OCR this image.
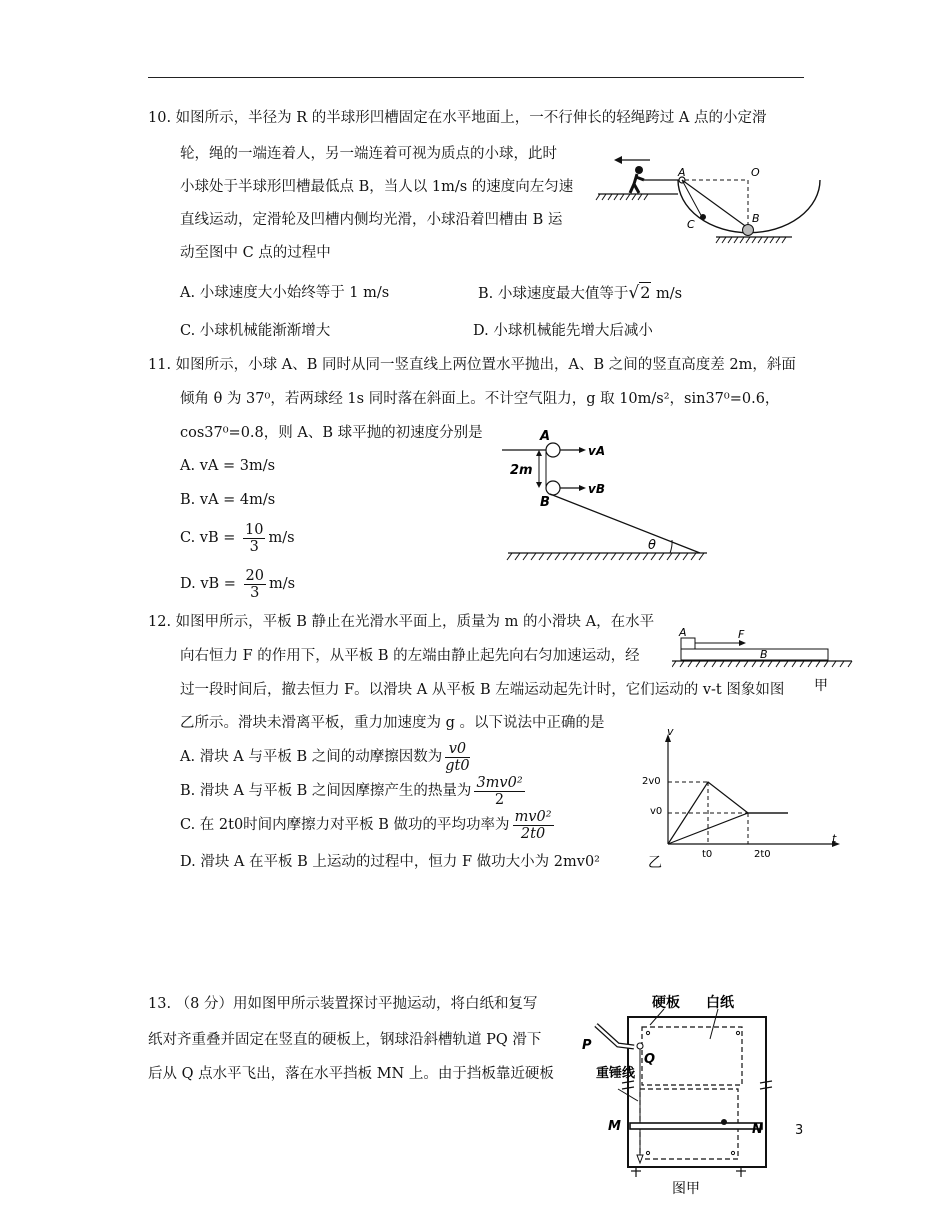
10. 如图所示，半径为 R 的半球形凹槽固定在水平地面上，一不行伸长的轻绳跨过 A 点的小定滑
轮，绳的一端连着人，另一端连着可视为质点的小球，此时
小球处于半球形凹槽最低点 B，当人以 1m/s 的速度向左匀速
直线运动，定滑轮及凹槽内侧均光滑，小球沿着凹槽由 B 运
动至图中 C 点的过程中
A. 小球速度大小始终等于 1 m/s	B. 小球速度最大值等于√2 m/s
C. 小球机械能渐渐增大	D. 小球机械能先增大后减小
A	O
B
C
11. 如图所示，小球 A、B 同时从同一竖直线上两位置水平抛出，A、B 之间的竖直高度差 2m，斜面
倾角 θ 为 37⁰，若两球经 1s 同时落在斜面上。不计空气阻力，g 取 10m/s²，sin37⁰=0.6，
cos37⁰=0.8，则 A、B 球平抛的初速度分别是
A. vA = 3m/s
B. vA = 4m/s
C. vB = $\frac{10}{3} m/s$
D. vB = $\frac{20}{3} m/s$
A
B
vA
vB
2m
θ
12. 如图甲所示，平板 B 静止在光滑水平面上，质量为 m 的小滑块 A，在水平
向右恒力 F 的作用下，从平板 B 的左端由静止起先向右匀加速运动，经
过一段时间后，撤去恒力 F。以滑块 A 从平板 B 左端运动起先计时，它们运动的 v-t 图象如图
乙所示。滑块未滑离平板，重力加速度为 g 。以下说法中正确的是
A. 滑块 A 与平板 B 之间的动摩擦因数为 $\frac{v0}{gt0}$
B. 滑块 A 与平板 B 之间因摩擦产生的热量为 $\frac{\text{3mv0²}}{2}$
C. 在 2t0时间内摩擦力对平板 B 做功的平均功率为 $\frac{\text{mv0²}}{2t0}$
D. 滑块 A 在平板 B 上运动的过程中，恒力 F 做功大小为 2mv0²
A	F
B
甲
v
t
2v0
v0
t0	2t0
乙
13. （8 分）用如图甲所示装置探讨平抛运动，将白纸和复写
纸对齐重叠并固定在竖直的硬板上，钢球沿斜槽轨道 PQ 滑下
后从 Q 点水平飞出，落在水平挡板 MN 上。由于挡板靠近硬板
硬板 白纸
P
Q
重锤线
M	N
图甲
3
